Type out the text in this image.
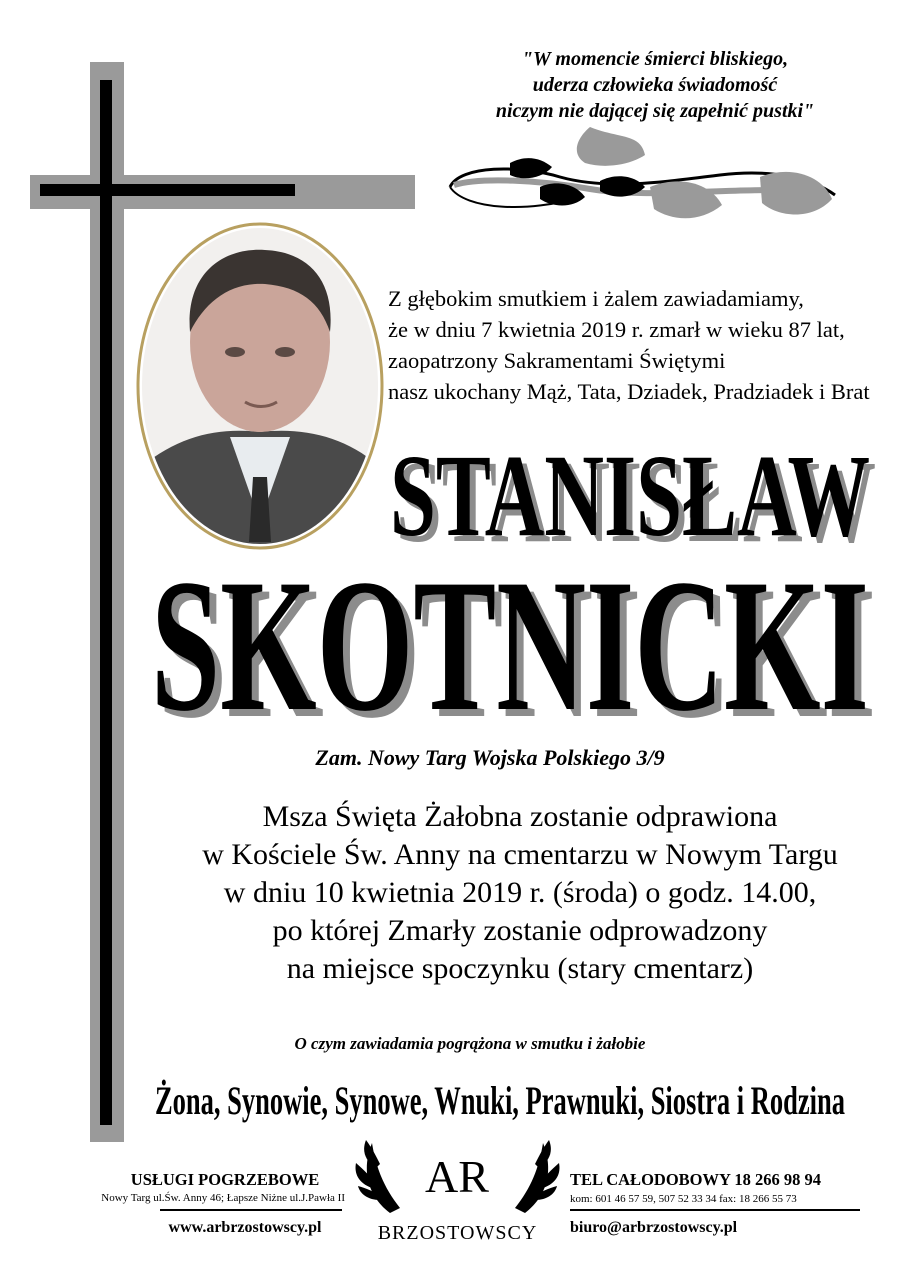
"W momencie śmierci bliskiego,
uderza człowieka świadomość
niczym nie dającej się zapełnić pustki"
Z głębokim smutkiem i żalem zawiadamiamy,
że w dniu 7 kwietnia 2019 r. zmarł w wieku 87 lat,
zaopatrzony Sakramentami Świętymi
nasz ukochany Mąż, Tata, Dziadek, Pradziadek i Brat
STANISŁAW
STANISŁAW
SKOTNICKI
SKOTNICKI
Zam. Nowy Targ Wojska Polskiego 3/9
Msza Święta Żałobna zostanie odprawiona
w Kościele Św. Anny na cmentarzu w Nowym Targu
w dniu 10 kwietnia 2019 r. (środa) o godz. 14.00,
po której Zmarły zostanie odprowadzony
na miejsce spoczynku (stary cmentarz)
O czym zawiadamia pogrążona w smutku i żałobie
Żona, Synowie, Synowe, Wnuki, Prawnuki, Siostra i Rodzina
USŁUGI POGRZEBOWE
Nowy Targ ul.Św. Anny 46; Łapsze Niżne ul.J.Pawła II
www.arbrzostowscy.pl
AR
BRZOSTOWSCY
TEL CAŁODOBOWY 18 266 98 94
kom: 601 46 57 59, 507 52 33 34 fax: 18 266 55 73
biuro@arbrzostowscy.pl
